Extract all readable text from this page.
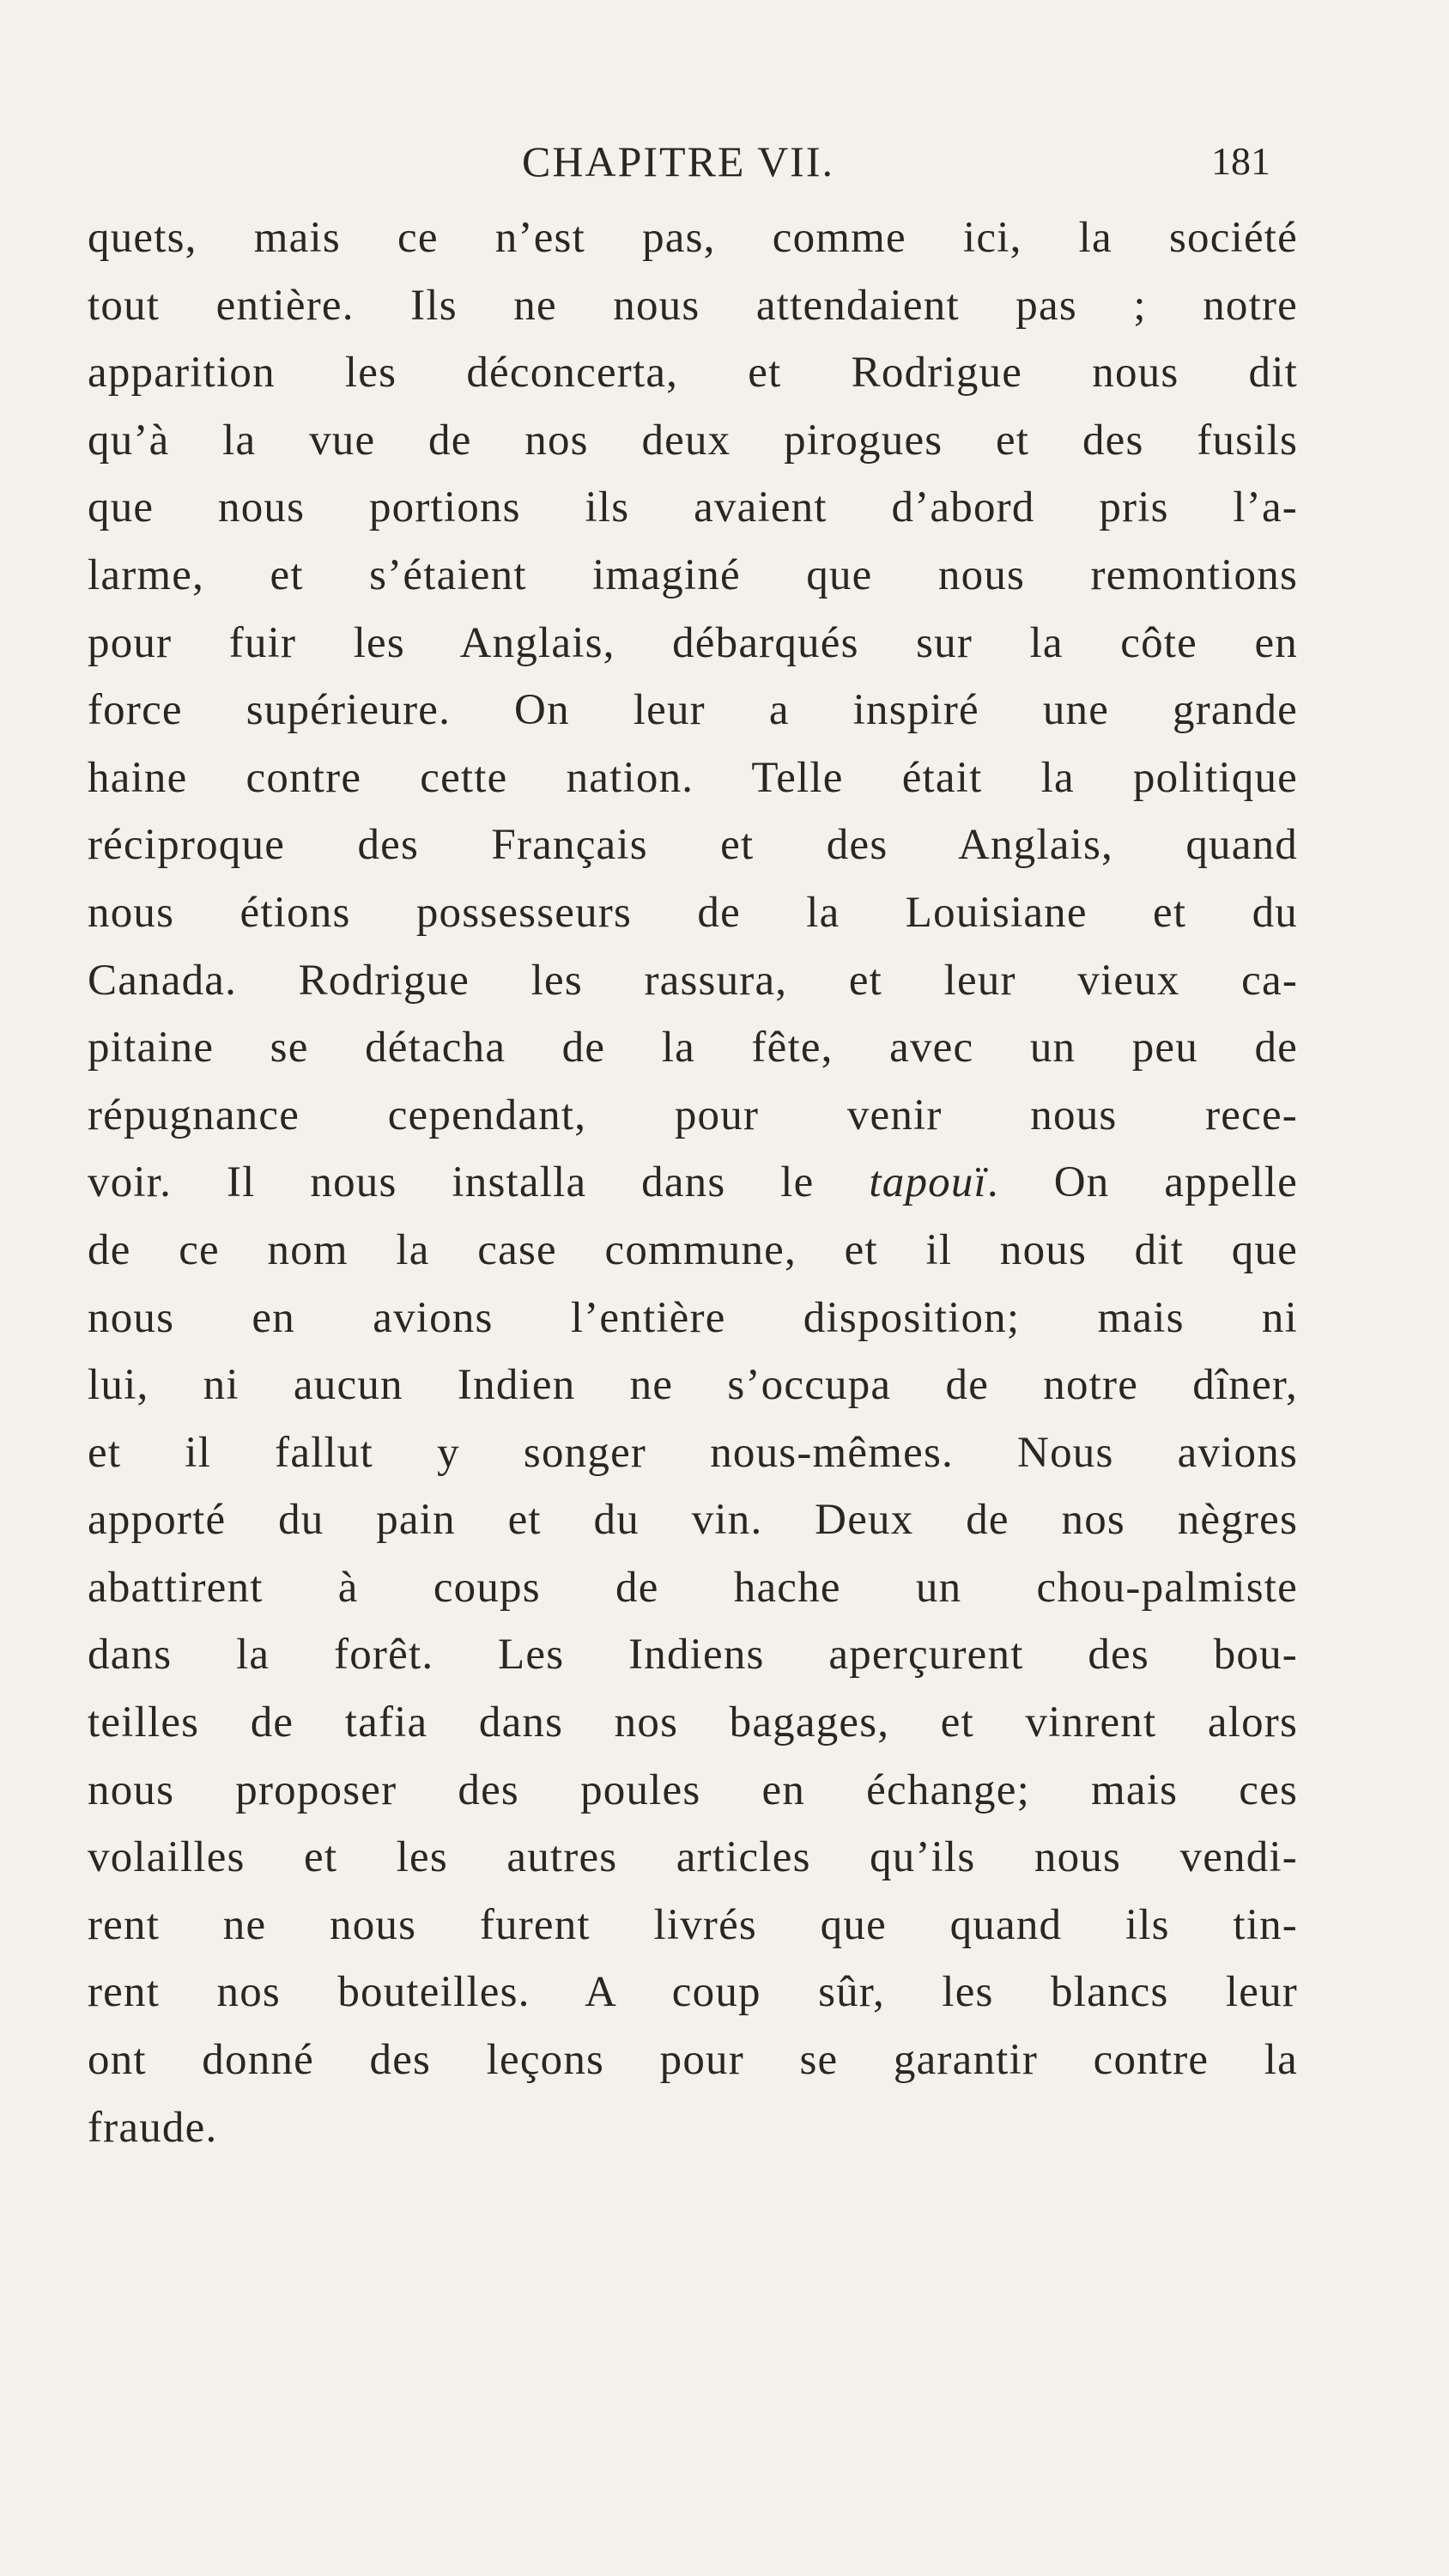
CHAPITRE VII.	181
quets, mais ce n’est pas, comme ici, la société
tout entière. Ils ne nous attendaient pas ; notre
apparition les déconcerta, et Rodrigue nous dit
qu’à la vue de nos deux pirogues et des fusils
que nous portions ils avaient d’abord pris l’a-
larme, et s’étaient imaginé que nous remontions
pour fuir les Anglais, débarqués sur la côte en
force supérieure. On leur a inspiré une grande
haine contre cette nation. Telle était la politique
réciproque des Français et des Anglais, quand
nous étions possesseurs de la Louisiane et du
Canada. Rodrigue les rassura, et leur vieux ca-
pitaine se détacha de la fête, avec un peu de
répugnance cependant, pour venir nous rece-
voir. Il nous installa dans le tapouï. On appelle
de ce nom la case commune, et il nous dit que
nous en avions l’entière disposition; mais ni
lui, ni aucun Indien ne s’occupa de notre dîner,
et il fallut y songer nous-mêmes. Nous avions
apporté du pain et du vin. Deux de nos nègres
abattirent à coups de hache un chou-palmiste
dans la forêt. Les Indiens aperçurent des bou-
teilles de tafia dans nos bagages, et vinrent alors
nous proposer des poules en échange; mais ces
volailles et les autres articles qu’ils nous vendi-
rent ne nous furent livrés que quand ils tin-
rent nos bouteilles. A coup sûr, les blancs leur
ont donné des leçons pour se garantir contre la
fraude.
